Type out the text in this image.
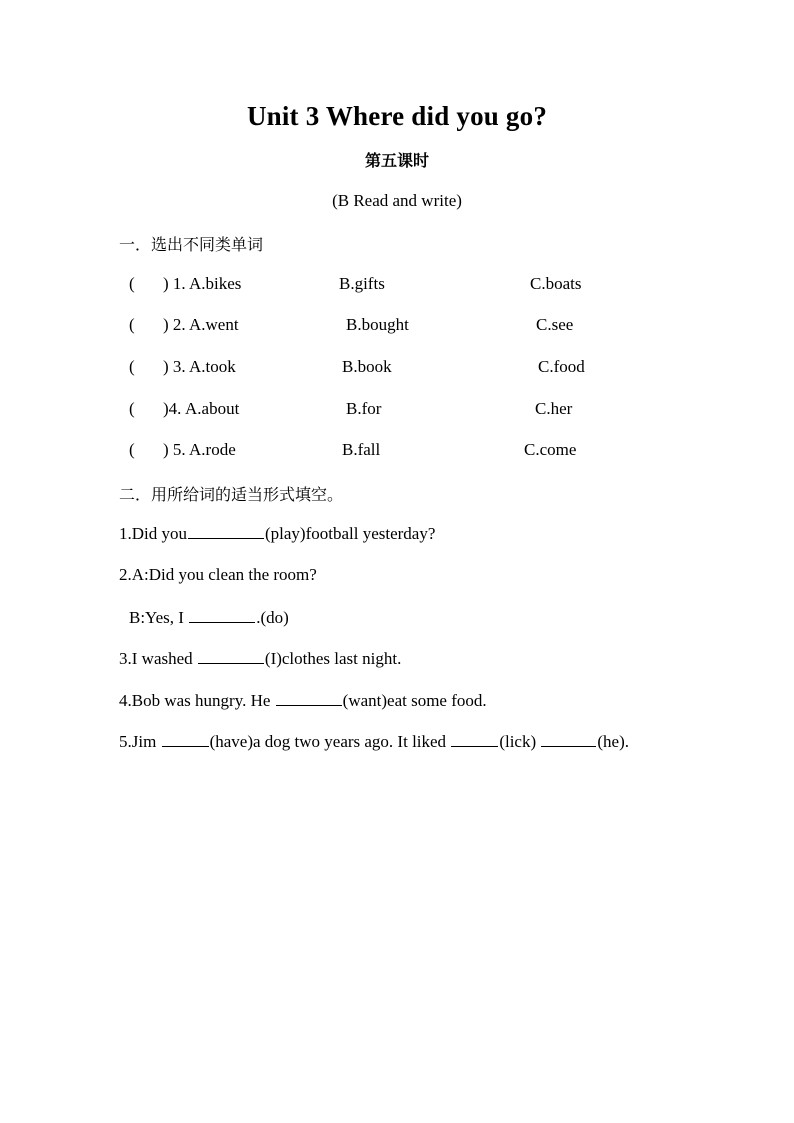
Unit 3 Where did you go?
第五课时
(B Read and write)
一．选出不同类单词
( ) 1. A.bikes	B.gifts	C.boats
( ) 2. A.went	B.bought	C.see
( ) 3. A.took	B.book	C.food
( )4. A.about	B.for	C.her
( ) 5. A.rode	B.fall	C.come
二．用所给词的适当形式填空。
1.Did you	(play)football yesterday?
2.A:Did you clean the room?
B:Yes, I	.(do)
3.I washed	(I)clothes last night.
4.Bob was hungry. He	(want)eat some food.
5.Jim	(have)a dog two years ago. It liked	(lick)	(he).
